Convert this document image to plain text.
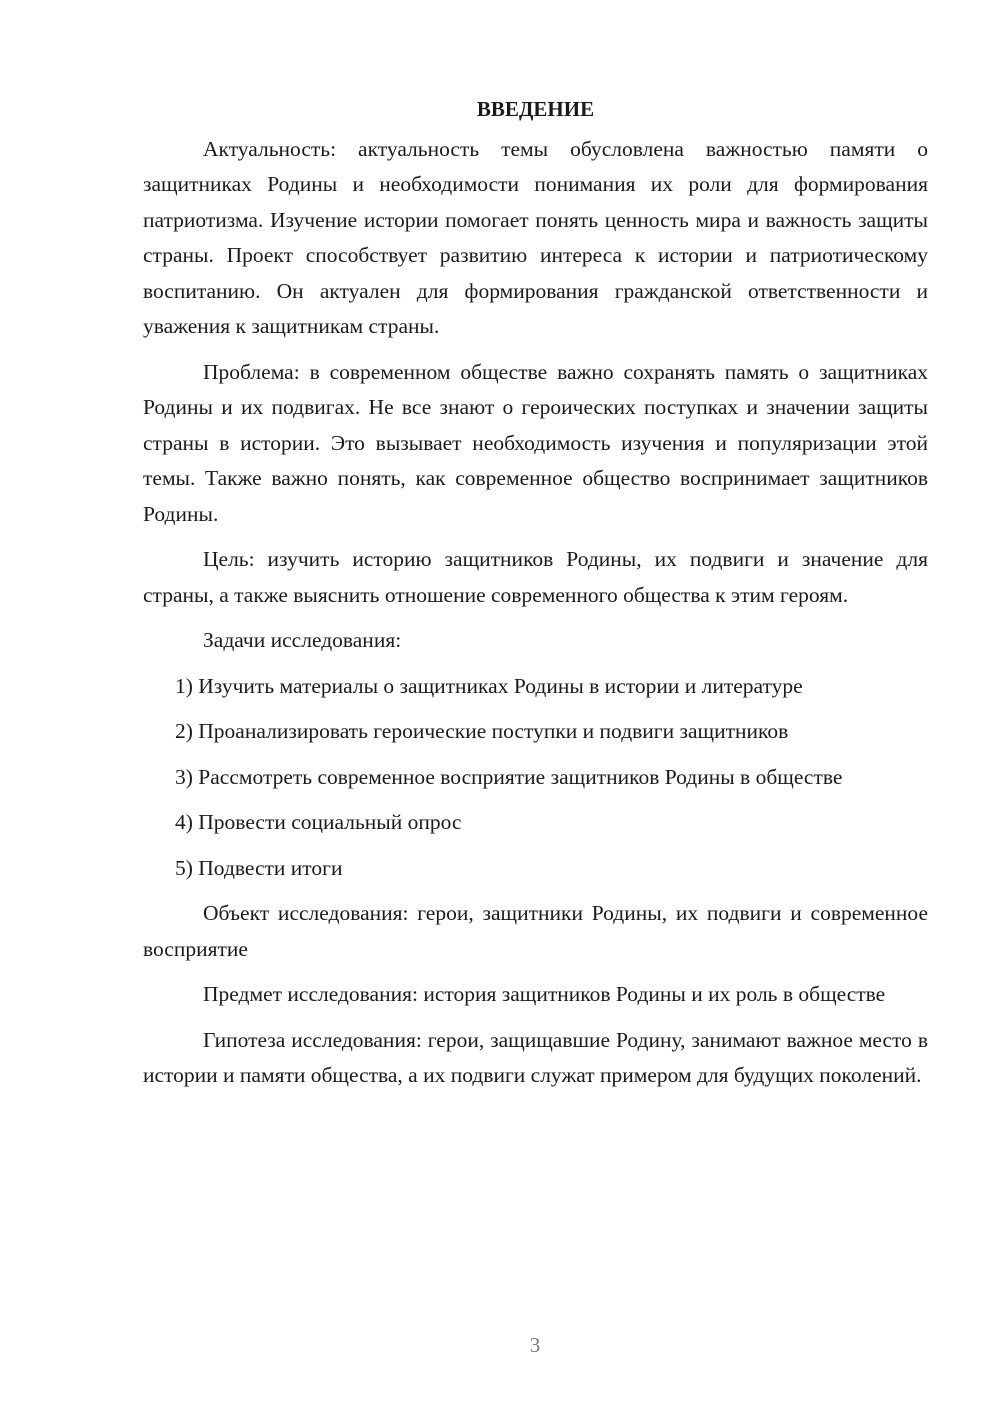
ВВЕДЕНИЕ

Актуальность: актуальность темы обусловлена важностью памяти о защитниках Родины и необходимости понимания их роли для формирования патриотизма. Изучение истории помогает понять ценность мира и важность защиты страны. Проект способствует развитию интереса к истории и патриотическому воспитанию. Он актуален для формирования гражданской ответственности и уважения к защитникам страны.

Проблема: в современном обществе важно сохранять память о защитниках Родины и их подвигах. Не все знают о героических поступках и значении защиты страны в истории. Это вызывает необходимость изучения и популяризации этой темы. Также важно понять, как современное общество воспринимает защитников Родины.

Цель: изучить историю защитников Родины, их подвиги и значение для страны, а также выяснить отношение современного общества к этим героям.

Задачи исследования:

1) Изучить материалы о защитниках Родины в истории и литературе

2) Проанализировать героические поступки и подвиги защитников

3) Рассмотреть современное восприятие защитников Родины в обществе

4) Провести социальный опрос

5) Подвести итоги

Объект исследования: герои, защитники Родины, их подвиги и современное восприятие

Предмет исследования: история защитников Родины и их роль в обществе

Гипотеза исследования: герои, защищавшие Родину, занимают важное место в истории и памяти общества, а их подвиги служат примером для будущих поколений.

3
